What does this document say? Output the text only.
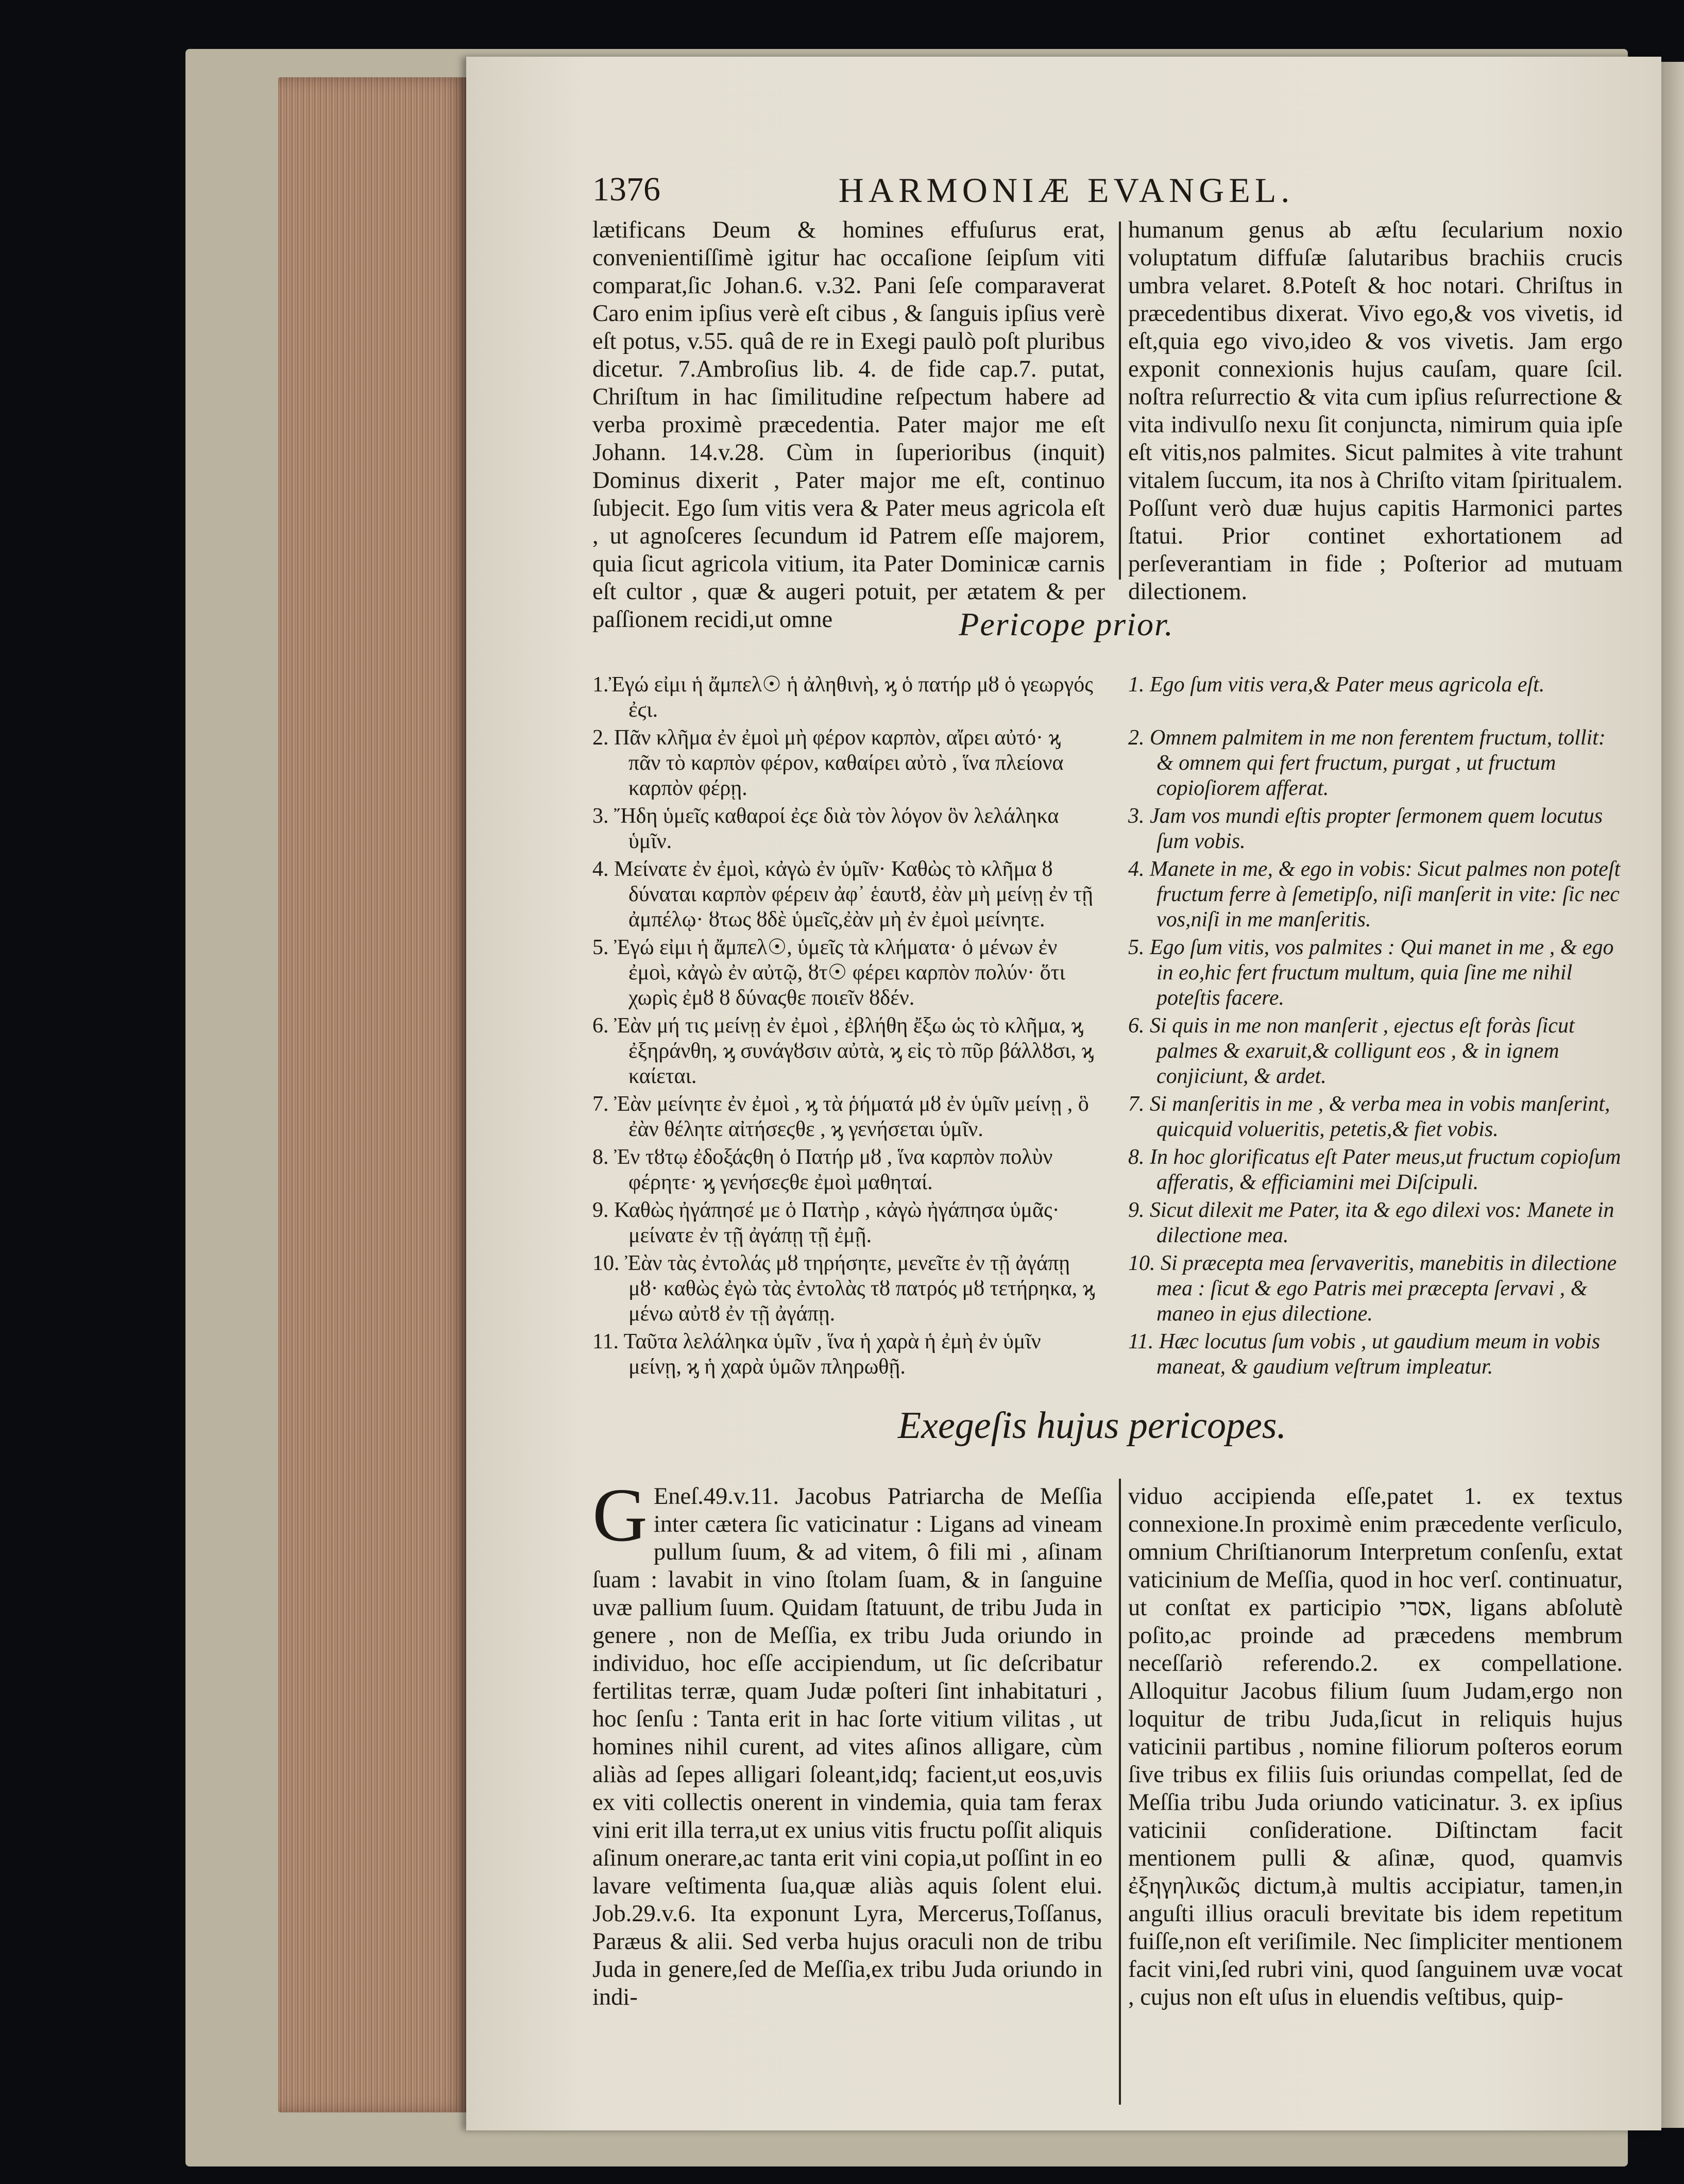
1376	HARMONIÆ EVANGEL.

lætificans Deum & homines effuſurus erat, convenientiſſimè igitur hac occaſione ſeipſum viti comparat,ſic Johan.6. v.32. Pani ſeſe comparaverat Caro enim ipſius verè eſt cibus , & ſanguis ipſius verè eſt potus, v.55. quâ de re in Exegi paulò poſt pluribus dicetur. 7.Ambroſius lib. 4. de fide cap.7. putat, Chriſtum in hac ſimilitudine reſpectum habere ad verba proximè præcedentia. Pater major me eſt Johann. 14.v.28. Cùm in ſuperioribus (inquit) Dominus dixerit , Pater major me eſt, continuo ſubjecit. Ego ſum vitis vera & Pater meus agricola eſt , ut agnoſceres ſecundum id Patrem eſſe majorem, quia ſicut agricola vitium, ita Pater Dominicæ carnis eſt cultor , quæ & augeri potuit, per ætatem & per paſſionem recidi,ut omne

humanum genus ab æſtu ſecularium noxio voluptatum diffuſæ ſalutaribus brachiis crucis umbra velaret. 8.Poteſt & hoc notari. Chriſtus in præcedentibus dixerat. Vivo ego,& vos vivetis, id eſt,quia ego vivo,ideo & vos vivetis. Jam ergo exponit connexionis hujus cauſam, quare ſcil. noſtra reſurrectio & vita cum ipſius reſurrectione & vita indivulſo nexu ſit conjuncta, nimirum quia ipſe eſt vitis,nos palmites. Sicut palmites à vite trahunt vitalem ſuccum, ita nos à Chriſto vitam ſpiritualem. Poſſunt verò duæ hujus capitis Harmonici partes ſtatui. Prior continet exhortationem ad perſeverantiam in fide ; Poſterior ad mutuam dilectionem.

Pericope prior.
1.Ἐγώ εἰμι ἡ ἄμπελ☉ ἡ ἀληθινὴ, ϗ ὁ πατήρ μȣ ὁ γεωργός ἐϛι.
1. Ego ſum vitis vera,& Pater meus agricola eſt.
2. Πᾶν κλῆμα ἐν ἐμοὶ μὴ φέρον καρπὸν, αἴρει αὐτό· ϗ πᾶν τὸ καρπὸν φέρον, καθαίρει αὐτὸ , ἵνα πλείονα καρπὸν φέρῃ.
2. Omnem palmitem in me non ferentem fructum, tollit: & omnem qui fert fructum, purgat , ut fructum copioſiorem afferat.
3. Ἤδη ὑμεῖς καθαροί ἐϛε διὰ τὸν λόγον ὃν λελάληκα ὑμῖν.
3. Jam vos mundi eſtis propter ſermonem quem locutus ſum vobis.
4. Μείνατε ἐν ἐμοὶ, κἀγὼ ἐν ὑμῖν· Καθὼς τὸ κλῆμα ȣ δύναται καρπὸν φέρειν ἀφ᾽ ἑαυτȣ, ἐὰν μὴ μείνῃ ἐν τῇ ἀμπέλῳ· ȣτως ȣδὲ ὑμεῖς,ἐὰν μὴ ἐν ἐμοὶ μείνητε.
4. Manete in me, & ego in vobis: Sicut palmes non poteſt fructum ferre à ſemetipſo, niſi manſerit in vite: ſic nec vos,niſi in me manſeritis.
5. Ἐγώ εἰμι ἡ ἄμπελ☉, ὑμεῖς τὰ κλήματα· ὁ μένων ἐν ἐμοὶ, κἀγὼ ἐν αὐτῷ, ȣτ☉ φέρει καρπὸν πολύν· ὅτι χωρὶς ἐμȣ ȣ δύναϛθε ποιεῖν ȣδέν.
5. Ego ſum vitis, vos palmites : Qui manet in me , & ego in eo,hic fert fructum multum, quia ſine me nihil poteſtis facere.
6. Ἐὰν μή τις μείνῃ ἐν ἐμοὶ , ἐβλήθη ἔξω ὡς τὸ κλῆμα, ϗ ἐξηράνθη, ϗ συνάγȣσιν αὐτὰ, ϗ εἰς τὸ πῦρ βάλλȣσι, ϗ καίεται.
6. Si quis in me non manſerit , ejectus eſt foràs ſicut palmes & exaruit,& colligunt eos , & in ignem conjiciunt, & ardet.
7. Ἐὰν μείνητε ἐν ἐμοὶ , ϗ τὰ ῥήματά μȣ ἐν ὑμῖν μείνῃ , ὃ ἐὰν θέλητε αἰτήσεϛθε , ϗ γενήσεται ὑμῖν.
7. Si manſeritis in me , & verba mea in vobis manſerint, quicquid volueritis, petetis,& fiet vobis.
8. Ἐν τȣτῳ ἐδοξάϛθη ὁ Πατήρ μȣ , ἵνα καρπὸν πολὺν φέρητε· ϗ γενήσεϛθε ἐμοὶ μαθηταί.
8. In hoc glorificatus eſt Pater meus,ut fructum copioſum afferatis, & efficiamini mei Diſcipuli.
9. Καθὼς ἠγάπησέ με ὁ Πατὴρ , κἀγὼ ἠγάπησα ὑμᾶς· μείνατε ἐν τῇ ἀγάπῃ τῇ ἐμῇ.
9. Sicut dilexit me Pater, ita & ego dilexi vos: Manete in dilectione mea.
10. Ἐὰν τὰς ἐντολάς μȣ τηρήσητε, μενεῖτε ἐν τῇ ἀγάπῃ μȣ· καθὼς ἐγὼ τὰς ἐντολὰς τȣ πατρός μȣ τετήρηκα, ϗ μένω αὐτȣ ἐν τῇ ἀγάπῃ.
10. Si præcepta mea ſervaveritis, manebitis in dilectione mea : ſicut & ego Patris mei præcepta ſervavi , & maneo in ejus dilectione.
11. Ταῦτα λελάληκα ὑμῖν , ἵνα ἡ χαρὰ ἡ ἐμὴ ἐν ὑμῖν μείνῃ, ϗ ἡ χαρὰ ὑμῶν πληρωθῇ.
11. Hæc locutus ſum vobis , ut gaudium meum in vobis maneat, & gaudium veſtrum impleatur.
Exegeſis hujus pericopes.
G Eneſ.49.v.11. Jacobus Patriarcha de Meſſia inter cætera ſic vaticinatur : Ligans ad vineam pullum ſuum, & ad vitem, ô fili mi , aſinam ſuam : lavabit in vino ſtolam ſuam, & in ſanguine uvæ pallium ſuum. Quidam ſtatuunt, de tribu Juda in genere , non de Meſſia, ex tribu Juda oriundo in individuo, hoc eſſe accipiendum, ut ſic deſcribatur fertilitas terræ, quam Judæ poſteri ſint inhabitaturi , hoc ſenſu : Tanta erit in hac ſorte vitium vilitas , ut homines nihil curent, ad vites aſinos alligare, cùm aliàs ad ſepes alligari ſoleant,idq; facient,ut eos,uvis ex viti collectis onerent in vindemia, quia tam ferax vini erit illa terra,ut ex unius vitis fructu poſſit aliquis aſinum onerare,ac tanta erit vini copia,ut poſſint in eo lavare veſtimenta ſua,quæ aliàs aquis ſolent elui. Job.29.v.6. Ita exponunt Lyra, Mercerus,Toſſanus, Paræus & alii. Sed verba hujus oraculi non de tribu Juda in genere,ſed de Meſſia,ex tribu Juda oriundo in indi-

viduo accipienda eſſe,patet 1. ex textus connexione.In proximè enim præcedente verſiculo, omnium Chriſtianorum Interpretum conſenſu, extat vaticinium de Meſſia, quod in hoc verſ. continuatur, ut conſtat ex participio אסרי, ligans abſolutè poſito,ac proinde ad præcedens membrum neceſſariò referendo.2. ex compellatione. Alloquitur Jacobus filium ſuum Judam,ergo non loquitur de tribu Juda,ſicut in reliquis hujus vaticinii partibus , nomine filiorum poſteros eorum ſive tribus ex filiis ſuis oriundas compellat, ſed de Meſſia tribu Juda oriundo vaticinatur. 3. ex ipſius vaticinii conſideratione. Diſtinctam facit mentionem pulli & aſinæ, quod, quamvis ἐξηγηλικῶς dictum,à multis accipiatur, tamen,in anguſti illius oraculi brevitate bis idem repetitum fuiſſe,non eſt veriſimile. Nec ſimpliciter mentionem facit vini,ſed rubri vini, quod ſanguinem uvæ vocat , cujus non eſt uſus in eluendis veſtibus, quip-
